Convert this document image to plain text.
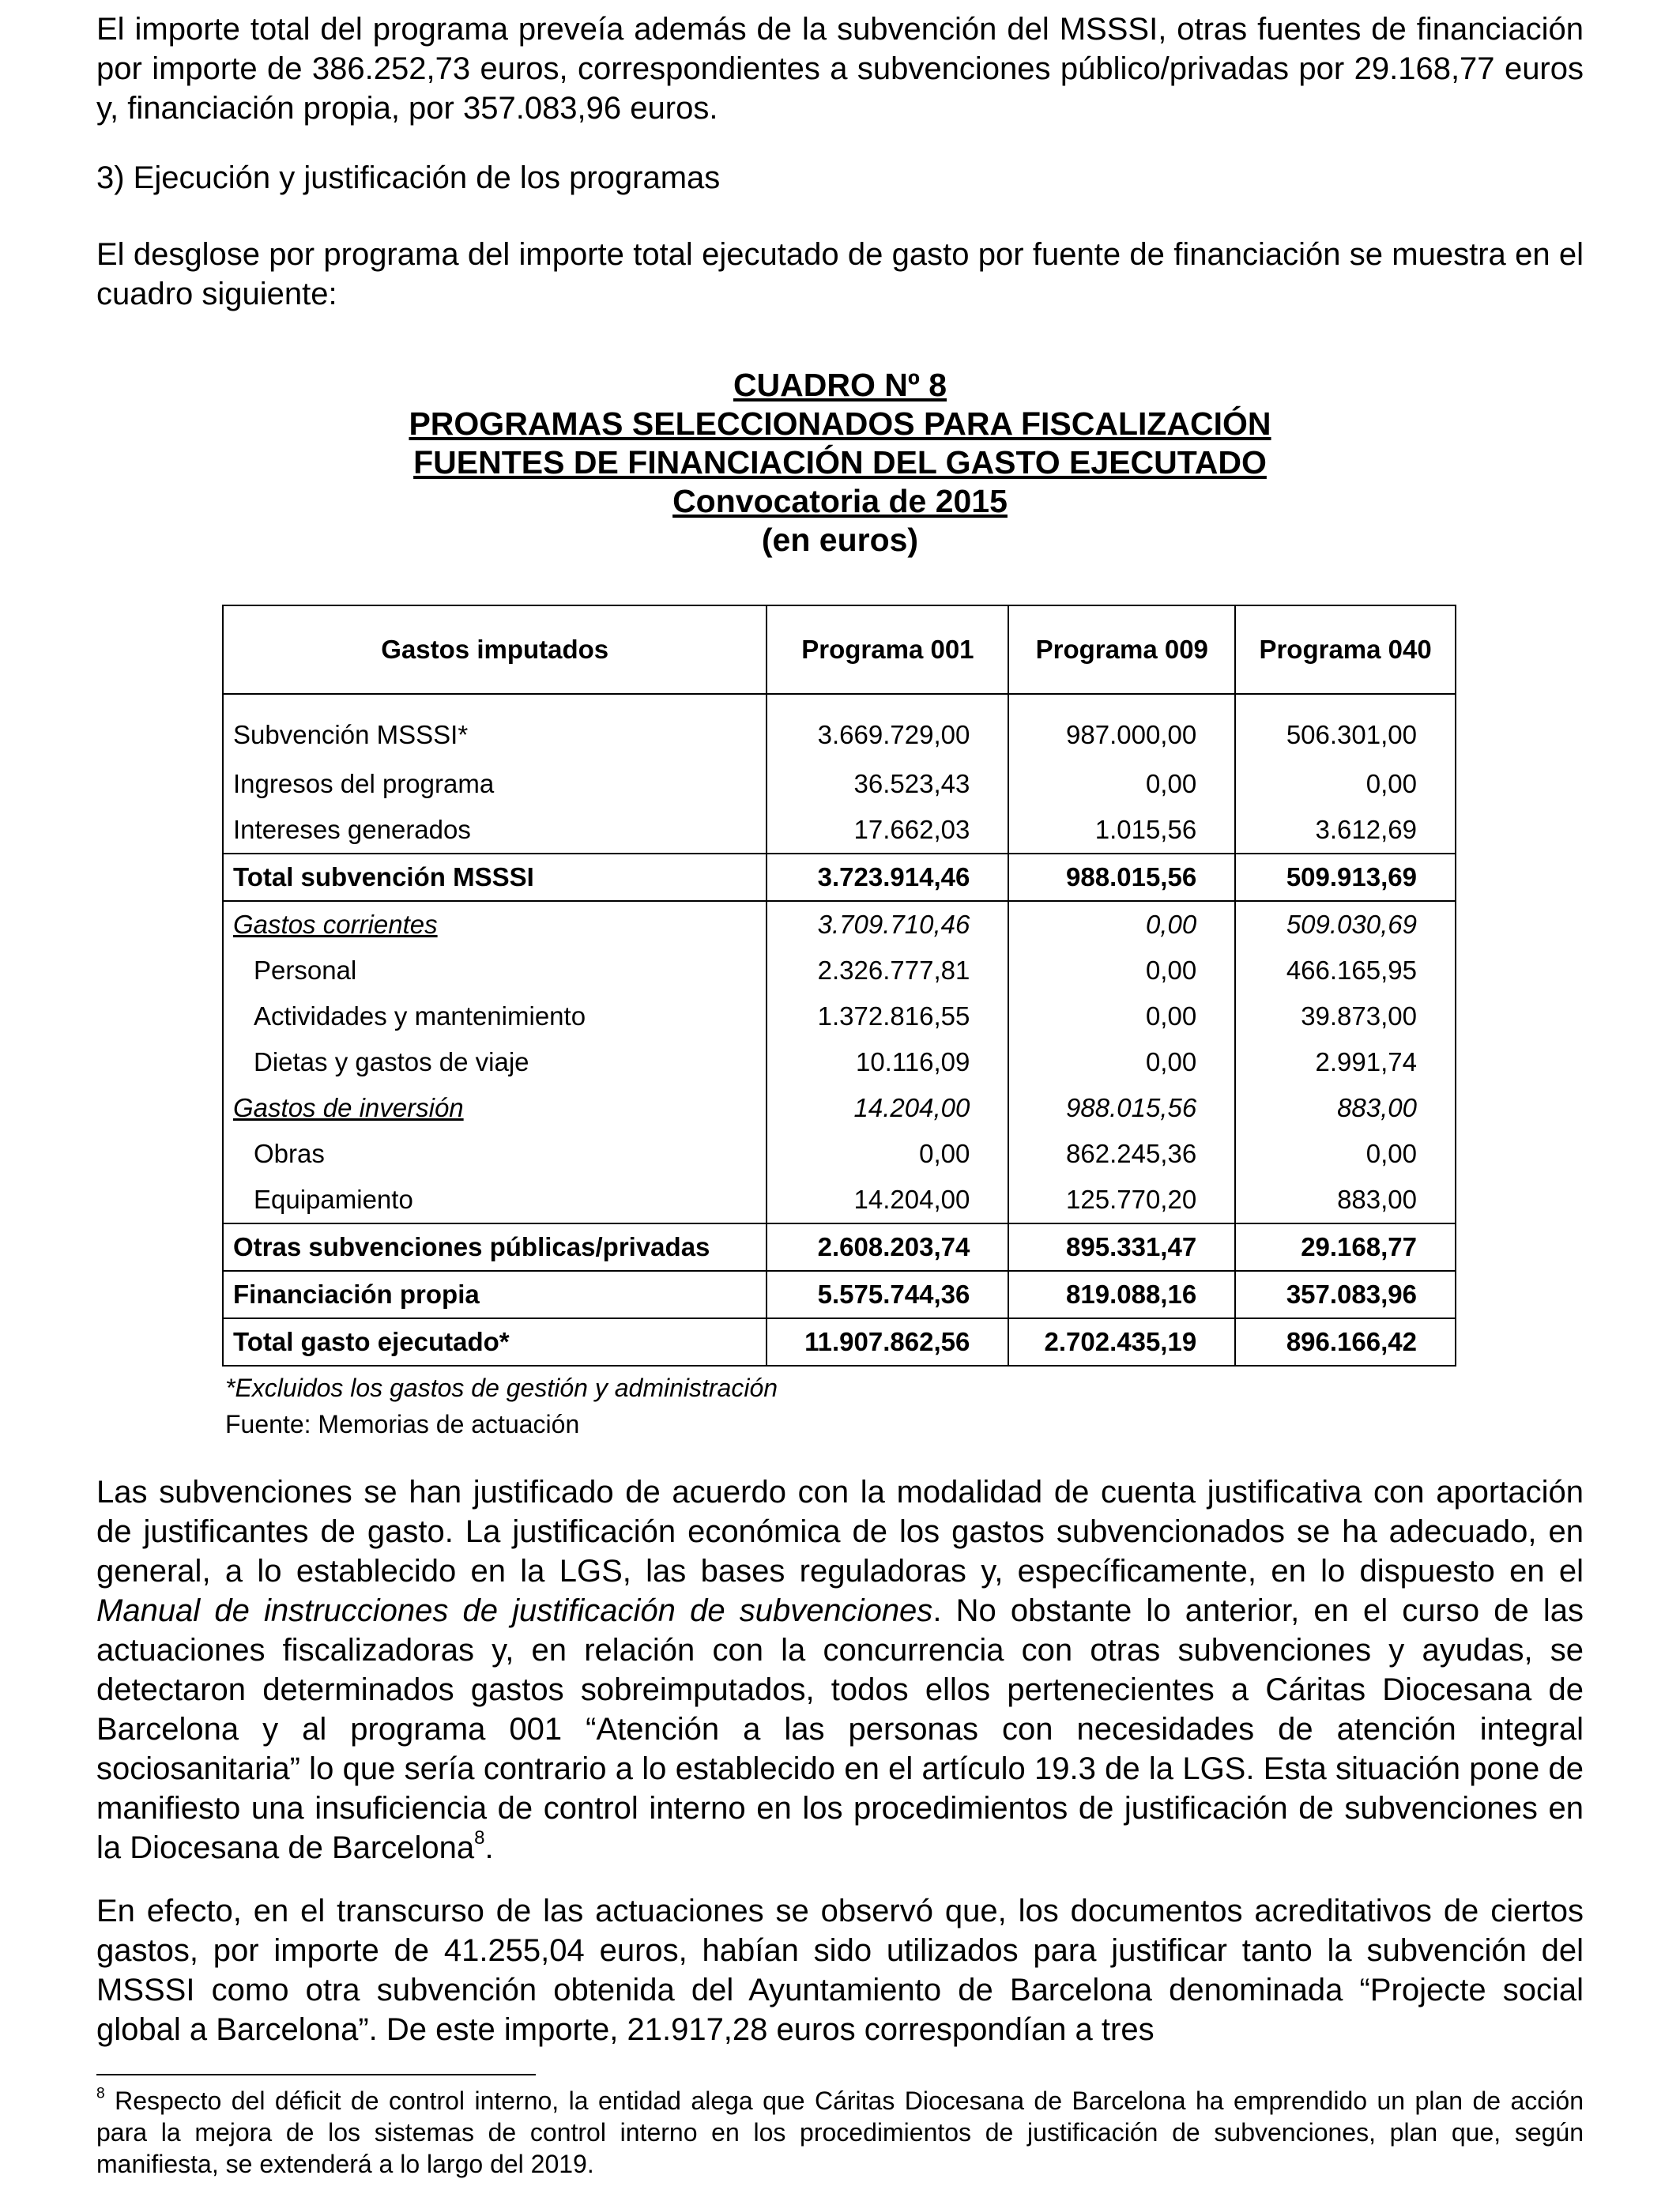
El importe total del programa preveía además de la subvención del MSSSI, otras fuentes de financiación por importe de 386.252,73 euros, correspondientes a subvenciones público/privadas por 29.168,77 euros y, financiación propia, por 357.083,96 euros.

3) Ejecución y justificación de los programas

El desglose por programa del importe total ejecutado de gasto por fuente de financiación se muestra en el cuadro siguiente:

CUADRO Nº 8
PROGRAMAS SELECCIONADOS PARA FISCALIZACIÓN
FUENTES DE FINANCIACIÓN DEL GASTO EJECUTADO
Convocatoria de 2015
(en euros)
Gastos imputados	Programa 001	Programa 009	Programa 040
Subvención MSSSI*	3.669.729,00	987.000,00	506.301,00
Ingresos del programa	36.523,43	0,00	0,00
Intereses generados	17.662,03	1.015,56	3.612,69
Total subvención MSSSI	3.723.914,46	988.015,56	509.913,69
Gastos corrientes	3.709.710,46	0,00	509.030,69
Personal	2.326.777,81	0,00	466.165,95
Actividades y mantenimiento	1.372.816,55	0,00	39.873,00
Dietas y gastos de viaje	10.116,09	0,00	2.991,74
Gastos de inversión	14.204,00	988.015,56	883,00
Obras	0,00	862.245,36	0,00
Equipamiento	14.204,00	125.770,20	883,00
Otras subvenciones públicas/privadas	2.608.203,74	895.331,47	29.168,77
Financiación propia	5.575.744,36	819.088,16	357.083,96
Total gasto ejecutado*	11.907.862,56	2.702.435,19	896.166,42
*Excluidos los gastos de gestión y administración
Fuente: Memorias de actuación

Las subvenciones se han justificado de acuerdo con la modalidad de cuenta justificativa con aportación de justificantes de gasto. La justificación económica de los gastos subvencionados se ha adecuado, en general, a lo establecido en la LGS, las bases reguladoras y, específicamente, en lo dispuesto en el Manual de instrucciones de justificación de subvenciones. No obstante lo anterior, en el curso de las actuaciones fiscalizadoras y, en relación con la concurrencia con otras subvenciones y ayudas, se detectaron determinados gastos sobreimputados, todos ellos pertenecientes a Cáritas Diocesana de Barcelona y al programa 001 “Atención a las personas con necesidades de atención integral sociosanitaria” lo que sería contrario a lo establecido en el artículo 19.3 de la LGS. Esta situación pone de manifiesto una insuficiencia de control interno en los procedimientos de justificación de subvenciones en la Diocesana de Barcelona$^8$.

En efecto, en el transcurso de las actuaciones se observó que, los documentos acreditativos de ciertos gastos, por importe de 41.255,04 euros, habían sido utilizados para justificar tanto la subvención del MSSSI como otra subvención obtenida del Ayuntamiento de Barcelona denominada “Projecte social global a Barcelona”. De este importe, 21.917,28 euros correspondían a tres

$^8$ Respecto del déficit de control interno, la entidad alega que Cáritas Diocesana de Barcelona ha emprendido un plan de acción para la mejora de los sistemas de control interno en los procedimientos de justificación de subvenciones, plan que, según manifiesta, se extenderá a lo largo del 2019.
